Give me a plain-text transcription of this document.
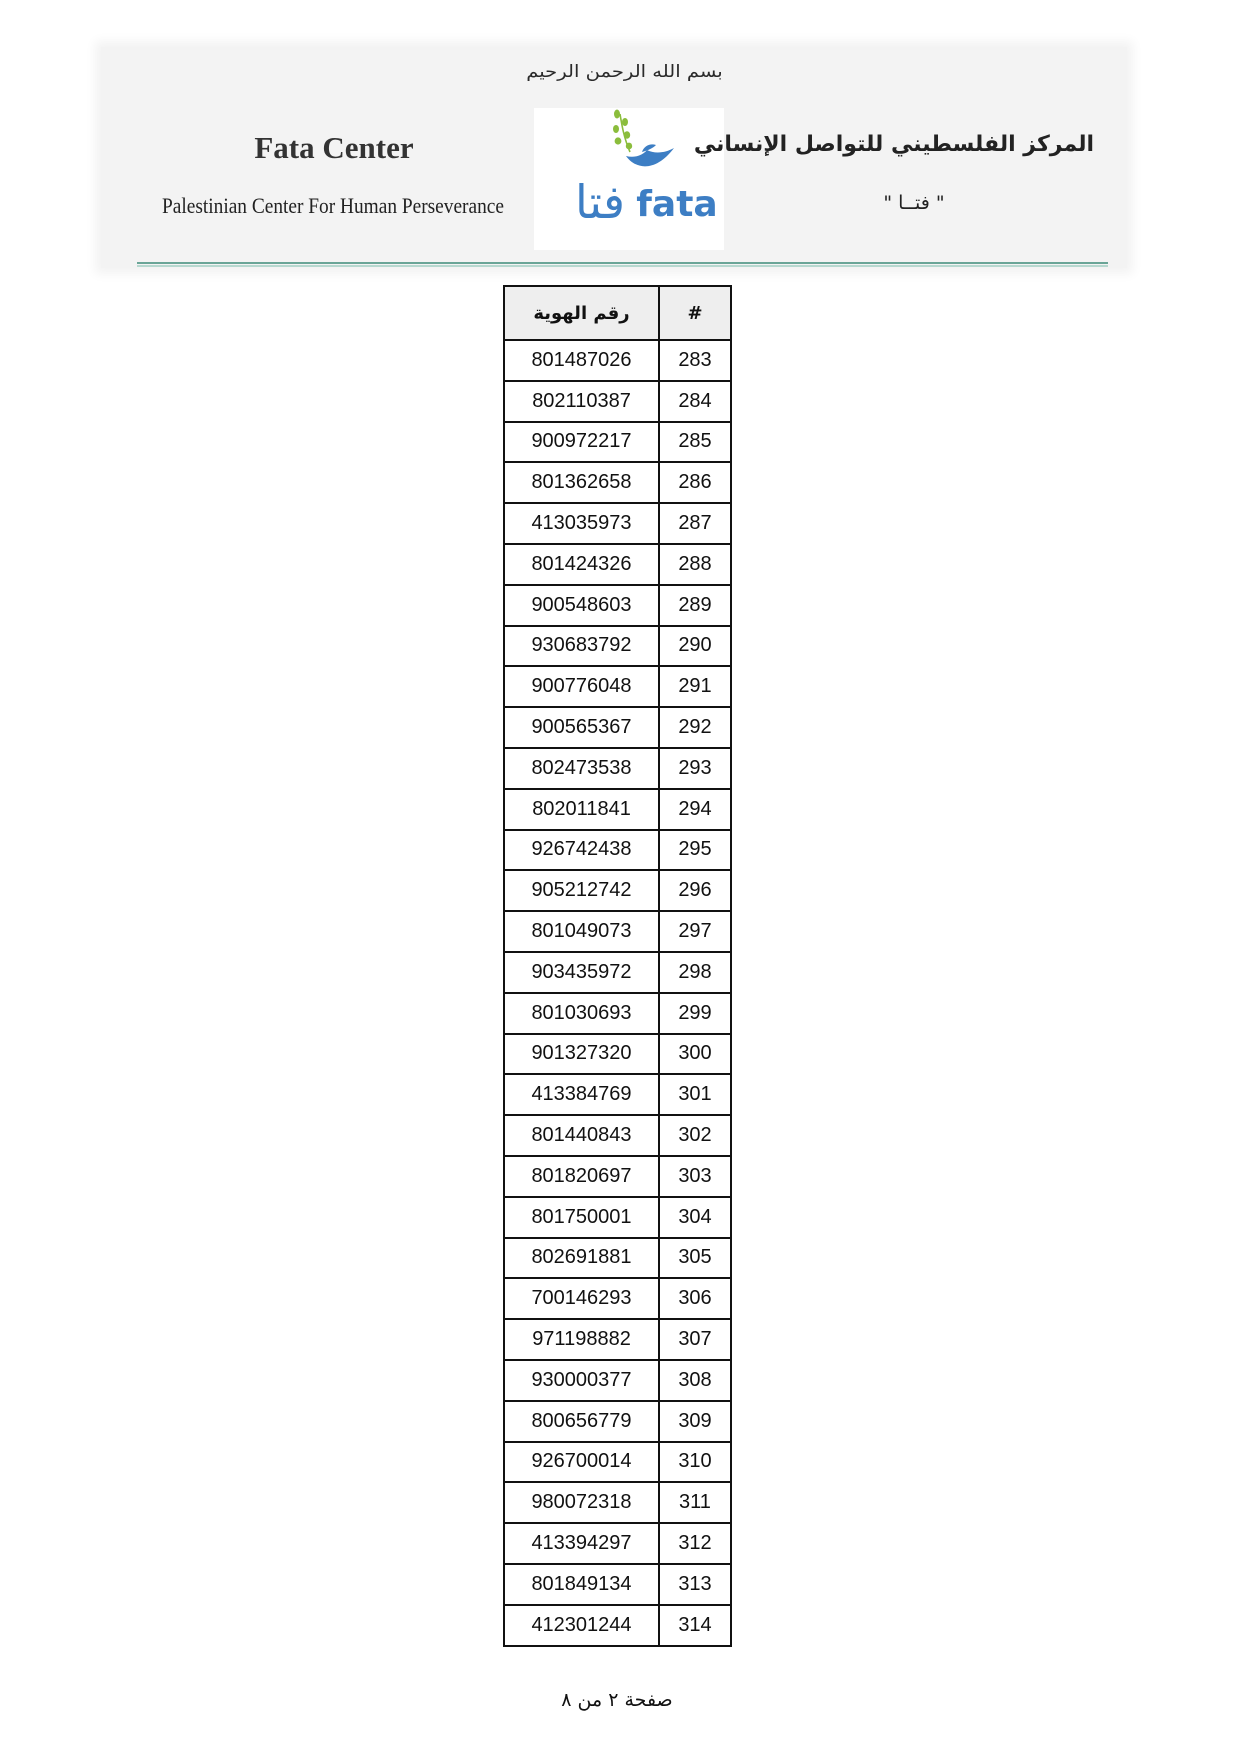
بسم الله الرحمن الرحيم
Fata Center
Palestinian Center For Human Perseverance فتا fata
المركز الفلسطيني للتواصل الإنساني
" فتــا "
رقم الهوية	#
801487026	283
802110387	284
900972217	285
801362658	286
413035973	287
801424326	288
900548603	289
930683792	290
900776048	291
900565367	292
802473538	293
802011841	294
926742438	295
905212742	296
801049073	297
903435972	298
801030693	299
901327320	300
413384769	301
801440843	302
801820697	303
801750001	304
802691881	305
700146293	306
971198882	307
930000377	308
800656779	309
926700014	310
980072318	311
413394297	312
801849134	313
412301244	314
صفحة ٢ من ٨
